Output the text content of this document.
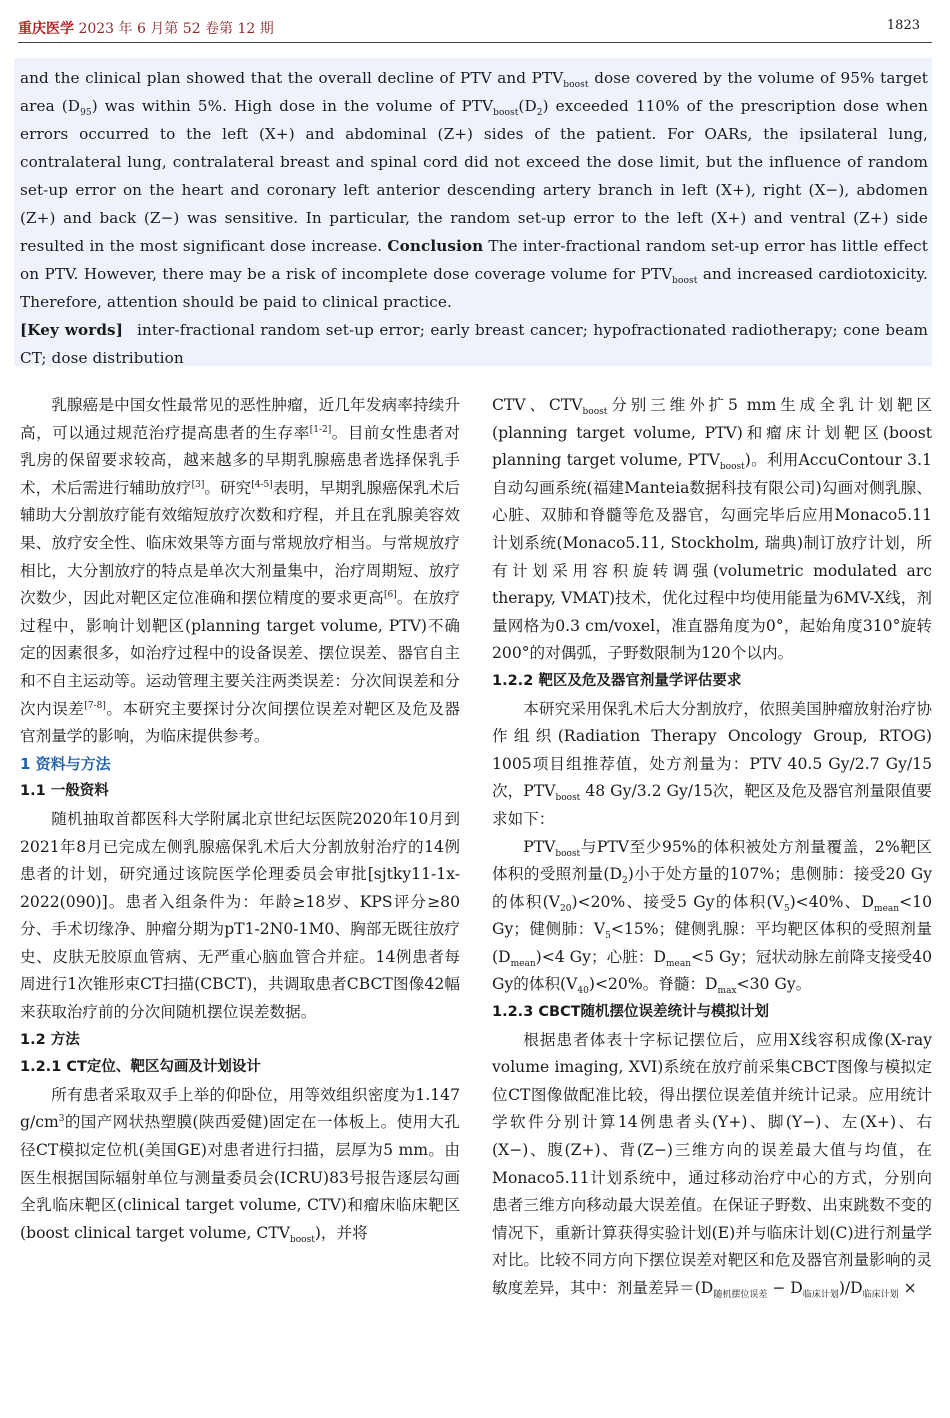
重庆医学 2023 年 6 月第 52 卷第 12 期	1823

and the clinical plan showed that the overall decline of PTV and $PTV_{boost}$ dose covered by the volume of 95% target area $(D_{95})$ was within 5%. High dose in the volume of $PTV_{boost}(D_2)$ exceeded 110% of the prescription dose when errors occurred to the left (X+) and abdominal (Z+) sides of the patient. For OARs, the ipsilateral lung, contralateral lung, contralateral breast and spinal cord did not exceed the dose limit, but the influence of random set-up error on the heart and coronary left anterior descending artery branch in left (X+), right (X−), abdomen (Z+) and back (Z−) was sensitive. In particular, the random set-up error to the left (X+) and ventral (Z+) side resulted in the most significant dose increase. Conclusion The inter-fractional random set-up error has little effect on PTV. However, there may be a risk of incomplete dose coverage volume for $PTV_{boost}$ and increased cardiotoxicity. Therefore, attention should be paid to clinical practice.

[Key words] inter-fractional random set-up error; early breast cancer; hypofractionated radiotherapy; cone beam CT; dose distribution

乳腺癌是中国女性最常见的恶性肿瘤，近几年发病率持续升高，可以通过规范治疗提高患者的生存率[1-2]。目前女性患者对乳房的保留要求较高，越来越多的早期乳腺癌患者选择保乳手术，术后需进行辅助放疗[3]。研究[4-5]表明，早期乳腺癌保乳术后辅助大分割放疗能有效缩短放疗次数和疗程，并且在乳腺美容效果、放疗安全性、临床效果等方面与常规放疗相当。与常规放疗相比，大分割放疗的特点是单次大剂量集中，治疗周期短、放疗次数少，因此对靶区定位准确和摆位精度的要求更高[6]。在放疗过程中，影响计划靶区(planning target volume, PTV)不确定的因素很多，如治疗过程中的设备误差、摆位误差、器官自主和不自主运动等。运动管理主要关注两类误差：分次间误差和分次内误差[7-8]。本研究主要探讨分次间摆位误差对靶区及危及器官剂量学的影响，为临床提供参考。

1 资料与方法

1.1 一般资料

随机抽取首都医科大学附属北京世纪坛医院2020年10月到2021年8月已完成左侧乳腺癌保乳术后大分割放射治疗的14例患者的计划，研究通过该院医学伦理委员会审批[sjtky11-1x-2022(090)]。患者入组条件为：年龄≥18岁、KPS评分≥80分、手术切缘净、肿瘤分期为pT1-2N0-1M0、胸部无既往放疗史、皮肤无胶原血管病、无严重心脑血管合并症。14例患者每周进行1次锥形束CT扫描(CBCT)，共调取患者CBCT图像42幅来获取治疗前的分次间随机摆位误差数据。

1.2 方法

1.2.1 CT定位、靶区勾画及计划设计

所有患者采取双手上举的仰卧位，用等效组织密度为1.147 $g/cm^3$的国产网状热塑膜(陕西爱健)固定在一体板上。使用大孔径CT模拟定位机(美国GE)对患者进行扫描，层厚为5 mm。由医生根据国际辐射单位与测量委员会(ICRU)83号报告逐层勾画全乳临床靶区(clinical target volume, CTV)和瘤床临床靶区(boost clinical target volume, $CTV_{boost}$)，并将

CTV、$CTV_{boost}$分别三维外扩5 mm生成全乳计划靶区(planning target volume, PTV)和瘤床计划靶区(boost planning target volume, $PTV_{boost}$)。利用AccuContour 3.1自动勾画系统(福建Manteia数据科技有限公司)勾画对侧乳腺、心脏、双肺和脊髓等危及器官，勾画完毕后应用Monaco5.11计划系统(Monaco5.11, Stockholm, 瑞典)制订放疗计划，所有计划采用容积旋转调强(volumetric modulated arc therapy, VMAT)技术，优化过程中均使用能量为6MV-X线，剂量网格为0.3 cm/voxel，准直器角度为0°，起始角度310°旋转200°的对偶弧，子野数限制为120个以内。

1.2.2 靶区及危及器官剂量学评估要求

本研究采用保乳术后大分割放疗，依照美国肿瘤放射治疗协作组织(Radiation Therapy Oncology Group, RTOG) 1005项目组推荐值，处方剂量为：PTV 40.5 Gy/2.7 Gy/15次，$PTV_{boost}$ 48 Gy/3.2 Gy/15次，靶区及危及器官剂量限值要求如下：

$PTV_{boost}$与PTV至少95%的体积被处方剂量覆盖，2%靶区体积的受照剂量$(D_2)$小于处方量的107%；患侧肺：接受20 Gy的体积$(V_{20})<20\%$、接受5 Gy的体积$(V_5)<40\%$、$D_{mean}<10$ Gy；健侧肺：$V_5<15\%$；健侧乳腺：平均靶区体积的受照剂量$(D_{mean})<4$ Gy；心脏：$D_{mean}<5$ Gy；冠状动脉左前降支接受40 Gy的体积$(V_{40})<20\%$。脊髓：$D_{max}<30$ Gy。

1.2.3 CBCT随机摆位误差统计与模拟计划

根据患者体表十字标记摆位后，应用X线容积成像(X-ray volume imaging, XVI)系统在放疗前采集CBCT图像与模拟定位CT图像做配准比较，得出摆位误差值并统计记录。应用统计学软件分别计算14例患者头(Y+)、脚(Y−)、左(X+)、右(X−)、腹(Z+)、背(Z−)三维方向的误差最大值与均值，在Monaco5.11计划系统中，通过移动治疗中心的方式，分别向患者三维方向移动最大误差值。在保证子野数、出束跳数不变的情况下，重新计算获得实验计划(E)并与临床计划(C)进行剂量学对比。比较不同方向下摆位误差对靶区和危及器官剂量影响的灵敏度差异，其中：剂量差异$=(D_{随机摆位误差} - D_{临床计划})/D_{临床计划}$ ×
